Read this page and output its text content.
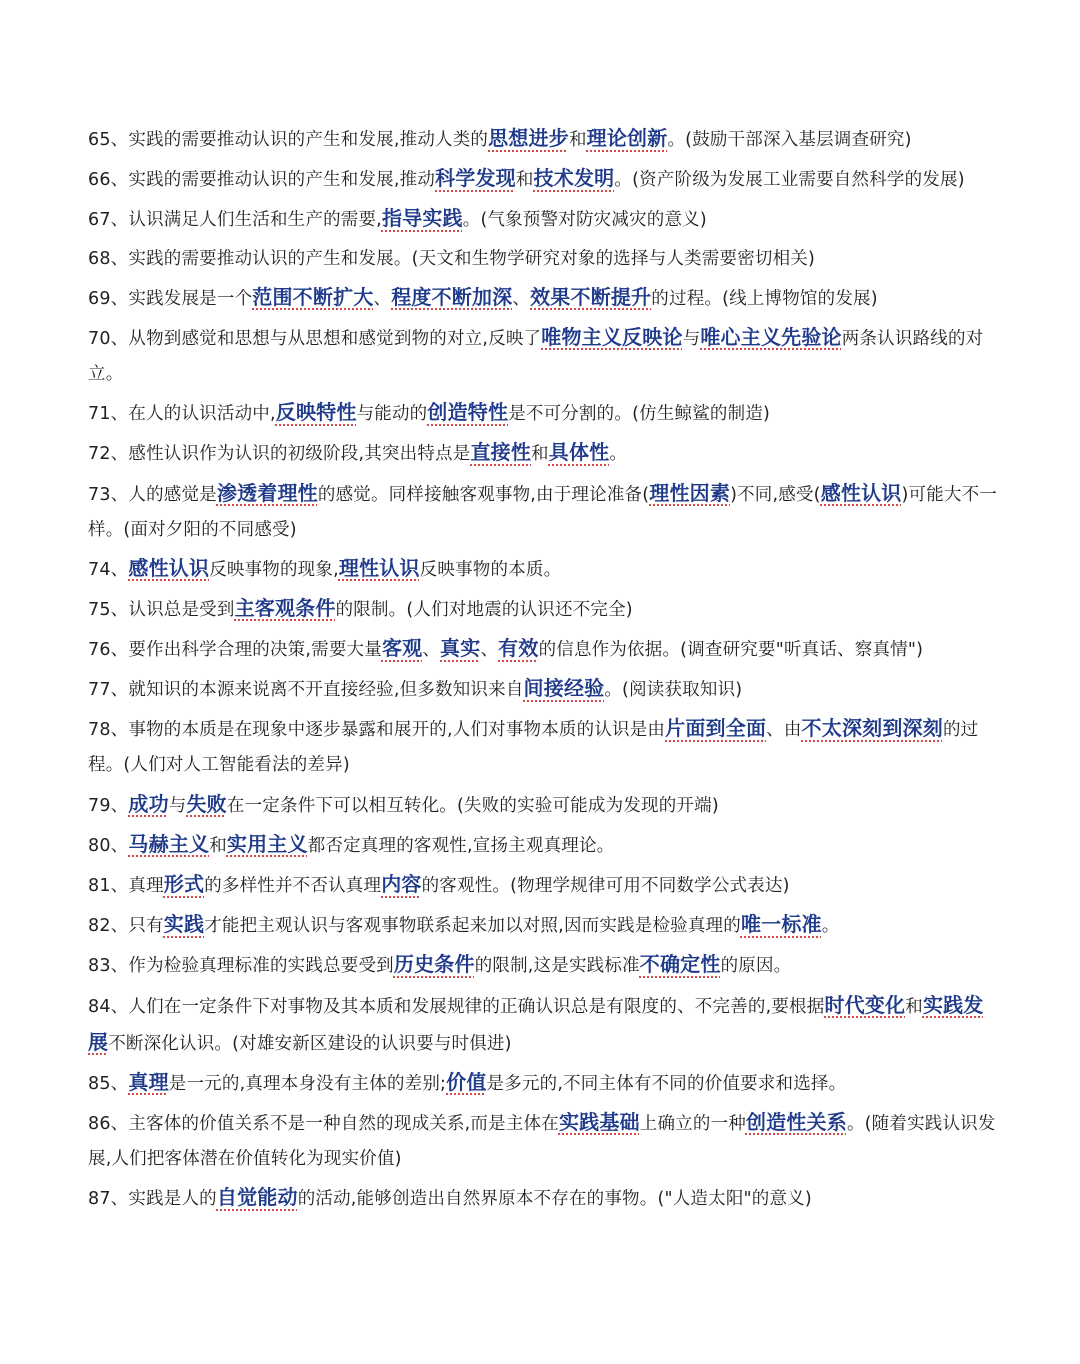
65、实践的需要推动认识的产生和发展,推动人类的思想进步和理论创新。(鼓励干部深入基层调查研究)
66、实践的需要推动认识的产生和发展,推动科学发现和技术发明。(资产阶级为发展工业需要自然科学的发展)
67、认识满足人们生活和生产的需要,指导实践。(气象预警对防灾减灾的意义)
68、实践的需要推动认识的产生和发展。(天文和生物学研究对象的选择与人类需要密切相关)
69、实践发展是一个范围不断扩大、程度不断加深、效果不断提升的过程。(线上博物馆的发展)
70、从物到感觉和思想与从思想和感觉到物的对立,反映了唯物主义反映论与唯心主义先验论两条认识路线的对立。
71、在人的认识活动中,反映特性与能动的创造特性是不可分割的。(仿生鲸鲨的制造)
72、感性认识作为认识的初级阶段,其突出特点是直接性和具体性。
73、人的感觉是渗透着理性的感觉。同样接触客观事物,由于理论准备(理性因素)不同,感受(感性认识)可能大不一样。(面对夕阳的不同感受)
74、感性认识反映事物的现象,理性认识反映事物的本质。
75、认识总是受到主客观条件的限制。(人们对地震的认识还不完全)
76、要作出科学合理的决策,需要大量客观、真实、有效的信息作为依据。(调查研究要"听真话、察真情")
77、就知识的本源来说离不开直接经验,但多数知识来自间接经验。(阅读获取知识)
78、事物的本质是在现象中逐步暴露和展开的,人们对事物本质的认识是由片面到全面、由不太深刻到深刻的过程。(人们对人工智能看法的差异)
79、成功与失败在一定条件下可以相互转化。(失败的实验可能成为发现的开端)
80、马赫主义和实用主义都否定真理的客观性,宣扬主观真理论。
81、真理形式的多样性并不否认真理内容的客观性。(物理学规律可用不同数学公式表达)
82、只有实践才能把主观认识与客观事物联系起来加以对照,因而实践是检验真理的唯一标准。
83、作为检验真理标准的实践总要受到历史条件的限制,这是实践标准不确定性的原因。
84、人们在一定条件下对事物及其本质和发展规律的正确认识总是有限度的、不完善的,要根据时代变化和实践发展不断深化认识。(对雄安新区建设的认识要与时俱进)
85、真理是一元的,真理本身没有主体的差别;价值是多元的,不同主体有不同的价值要求和选择。
86、主客体的价值关系不是一种自然的现成关系,而是主体在实践基础上确立的一种创造性关系。(随着实践认识发展,人们把客体潜在价值转化为现实价值)
87、实践是人的自觉能动的活动,能够创造出自然界原本不存在的事物。("人造太阳"的意义)
